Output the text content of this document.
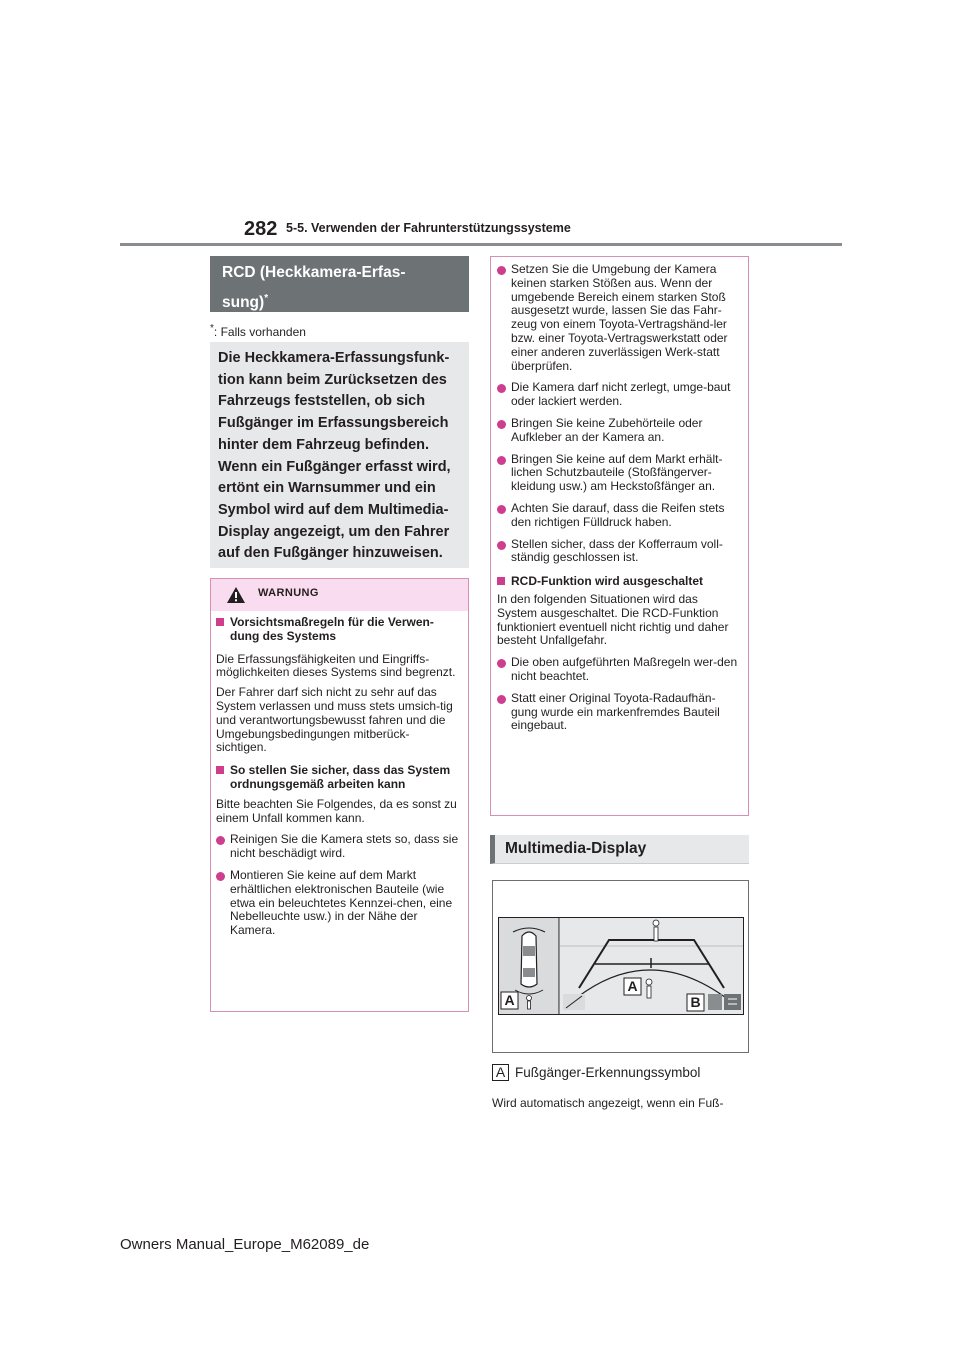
282 5-5. Verwenden der Fahrunterstützungssysteme
RCD (Heckkamera-Erfas-
sung)*
*: Falls vorhanden
Die Heckkamera-Erfassungsfunk-
tion kann beim Zurücksetzen des
Fahrzeugs feststellen, ob sich
Fußgänger im Erfassungsbereich
hinter dem Fahrzeug befinden.
Wenn ein Fußgänger erfasst wird,
ertönt ein Warnsummer und ein
Symbol wird auf dem Multimedia-
Display angezeigt, um den Fahrer
auf den Fußgänger hinzuweisen.
WARNUNG
Vorsichtsmaßregeln für die Verwen-dung des Systems
Die Erfassungsfähigkeiten und Eingriffs-möglichkeiten dieses Systems sind begrenzt.
Der Fahrer darf sich nicht zu sehr auf das System verlassen und muss stets umsich-tig und verantwortungsbewusst fahren und die Umgebungsbedingungen mitberück-sichtigen.
So stellen Sie sicher, dass das System ordnungsgemäß arbeiten kann
Bitte beachten Sie Folgendes, da es sonst zu einem Unfall kommen kann.
Reinigen Sie die Kamera stets so, dass sie nicht beschädigt wird.
Montieren Sie keine auf dem Markt erhältlichen elektronischen Bauteile (wie etwa ein beleuchtetes Kennzei-chen, eine Nebelleuchte usw.) in der Nähe der Kamera.
Setzen Sie die Umgebung der Kamera keinen starken Stößen aus. Wenn der umgebende Bereich einem starken Stoß ausgesetzt wurde, lassen Sie das Fahr-zeug von einem Toyota-Vertragshänd-ler bzw. einer Toyota-Vertragswerkstatt oder einer anderen zuverlässigen Werk-statt überprüfen.
Die Kamera darf nicht zerlegt, umge-baut oder lackiert werden.
Bringen Sie keine Zubehörteile oder Aufkleber an der Kamera an.
Bringen Sie keine auf dem Markt erhält-lichen Schutzbauteile (Stoßfängerver-kleidung usw.) am Heckstoßfänger an.
Achten Sie darauf, dass die Reifen stets den richtigen Fülldruck haben.
Stellen sicher, dass der Kofferraum voll-ständig geschlossen ist.
RCD-Funktion wird ausgeschaltet
In den folgenden Situationen wird das System ausgeschaltet. Die RCD-Funktion funktioniert eventuell nicht richtig und daher besteht Unfallgefahr.
Die oben aufgeführten Maßregeln wer-den nicht beachtet.
Statt einer Original Toyota-Radaufhän-gung wurde ein markenfremdes Bauteil eingebaut.
Multimedia-Display
A
A
B
A Fußgänger-Erkennungssymbol
Wird automatisch angezeigt, wenn ein Fuß-
Owners Manual_Europe_M62089_de
